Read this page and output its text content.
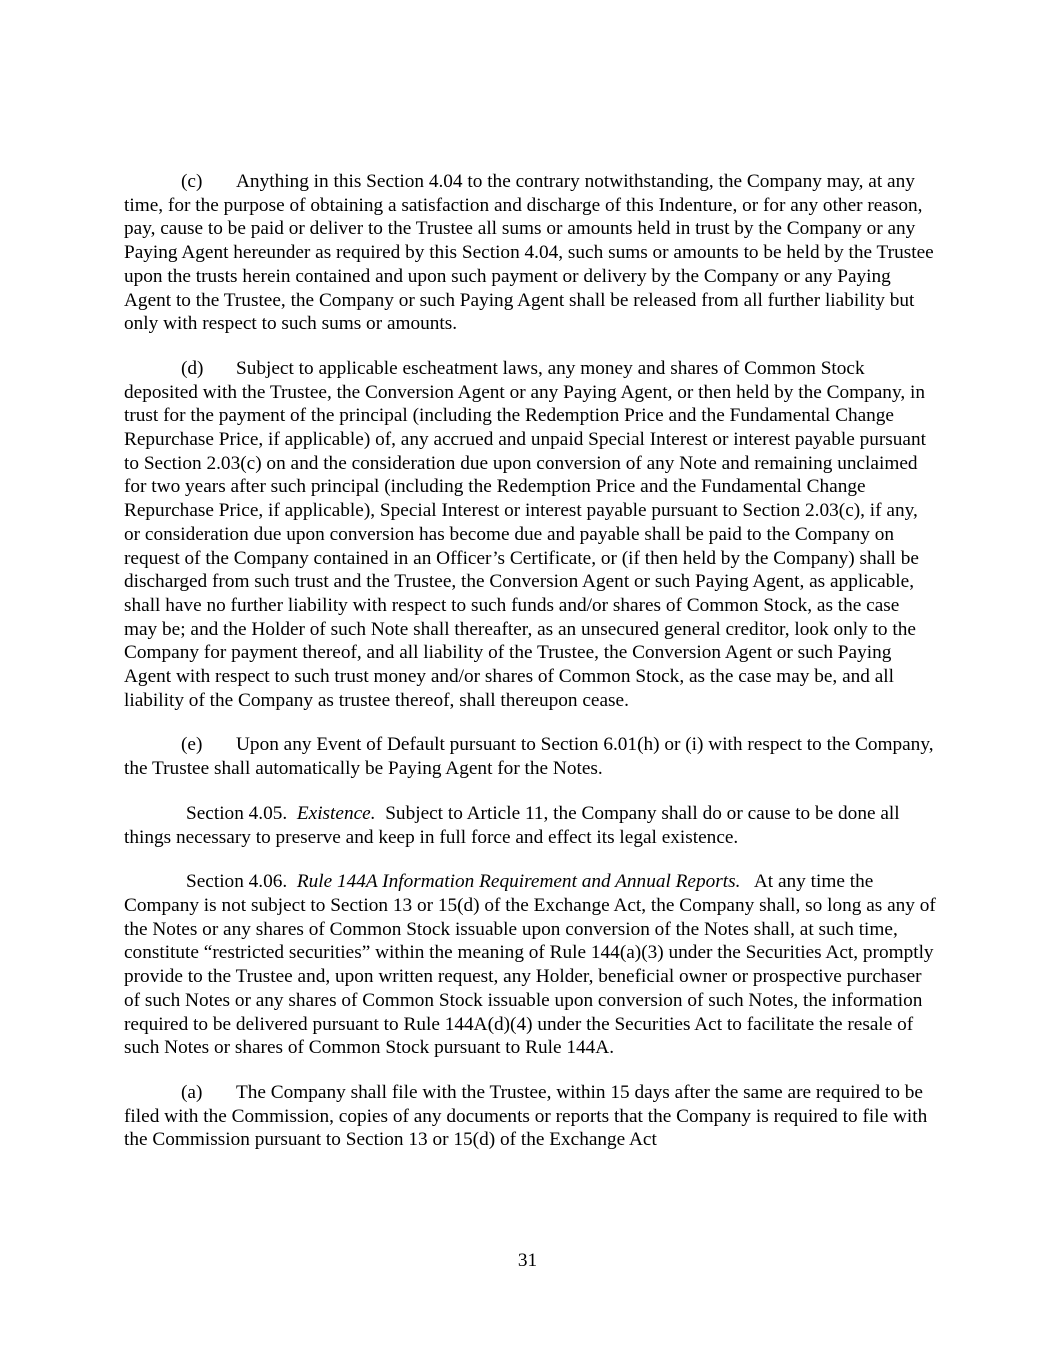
(c) Anything in this Section 4.04 to the contrary notwithstanding, the Company may, at any time, for the purpose of obtaining a satisfaction and discharge of this Indenture, or for any other reason, pay, cause to be paid or deliver to the Trustee all sums or amounts held in trust by the Company or any Paying Agent hereunder as required by this Section 4.04, such sums or amounts to be held by the Trustee upon the trusts herein contained and upon such payment or delivery by the Company or any Paying Agent to the Trustee, the Company or such Paying Agent shall be released from all further liability but only with respect to such sums or amounts.

(d) Subject to applicable escheatment laws, any money and shares of Common Stock deposited with the Trustee, the Conversion Agent or any Paying Agent, or then held by the Company, in trust for the payment of the principal (including the Redemption Price and the Fundamental Change Repurchase Price, if applicable) of, any accrued and unpaid Special Interest or interest payable pursuant to Section 2.03(c) on and the consideration due upon conversion of any Note and remaining unclaimed for two years after such principal (including the Redemption Price and the Fundamental Change Repurchase Price, if applicable), Special Interest or interest payable pursuant to Section 2.03(c), if any, or consideration due upon conversion has become due and payable shall be paid to the Company on request of the Company contained in an Officer’s Certificate, or (if then held by the Company) shall be discharged from such trust and the Trustee, the Conversion Agent or such Paying Agent, as applicable, shall have no further liability with respect to such funds and/or shares of Common Stock, as the case may be; and the Holder of such Note shall thereafter, as an unsecured general creditor, look only to the Company for payment thereof, and all liability of the Trustee, the Conversion Agent or such Paying Agent with respect to such trust money and/or shares of Common Stock, as the case may be, and all liability of the Company as trustee thereof, shall thereupon cease.

(e) Upon any Event of Default pursuant to Section 6.01(h) or (i) with respect to the Company, the Trustee shall automatically be Paying Agent for the Notes.

Section 4.05. Existence. Subject to Article 11, the Company shall do or cause to be done all things necessary to preserve and keep in full force and effect its legal existence.

Section 4.06. Rule 144A Information Requirement and Annual Reports. At any time the Company is not subject to Section 13 or 15(d) of the Exchange Act, the Company shall, so long as any of the Notes or any shares of Common Stock issuable upon conversion of the Notes shall, at such time, constitute “restricted securities” within the meaning of Rule 144(a)(3) under the Securities Act, promptly provide to the Trustee and, upon written request, any Holder, beneficial owner or prospective purchaser of such Notes or any shares of Common Stock issuable upon conversion of such Notes, the information required to be delivered pursuant to Rule 144A(d)(4) under the Securities Act to facilitate the resale of such Notes or shares of Common Stock pursuant to Rule 144A.

(a) The Company shall file with the Trustee, within 15 days after the same are required to be filed with the Commission, copies of any documents or reports that the Company is required to file with the Commission pursuant to Section 13 or 15(d) of the Exchange Act

31
